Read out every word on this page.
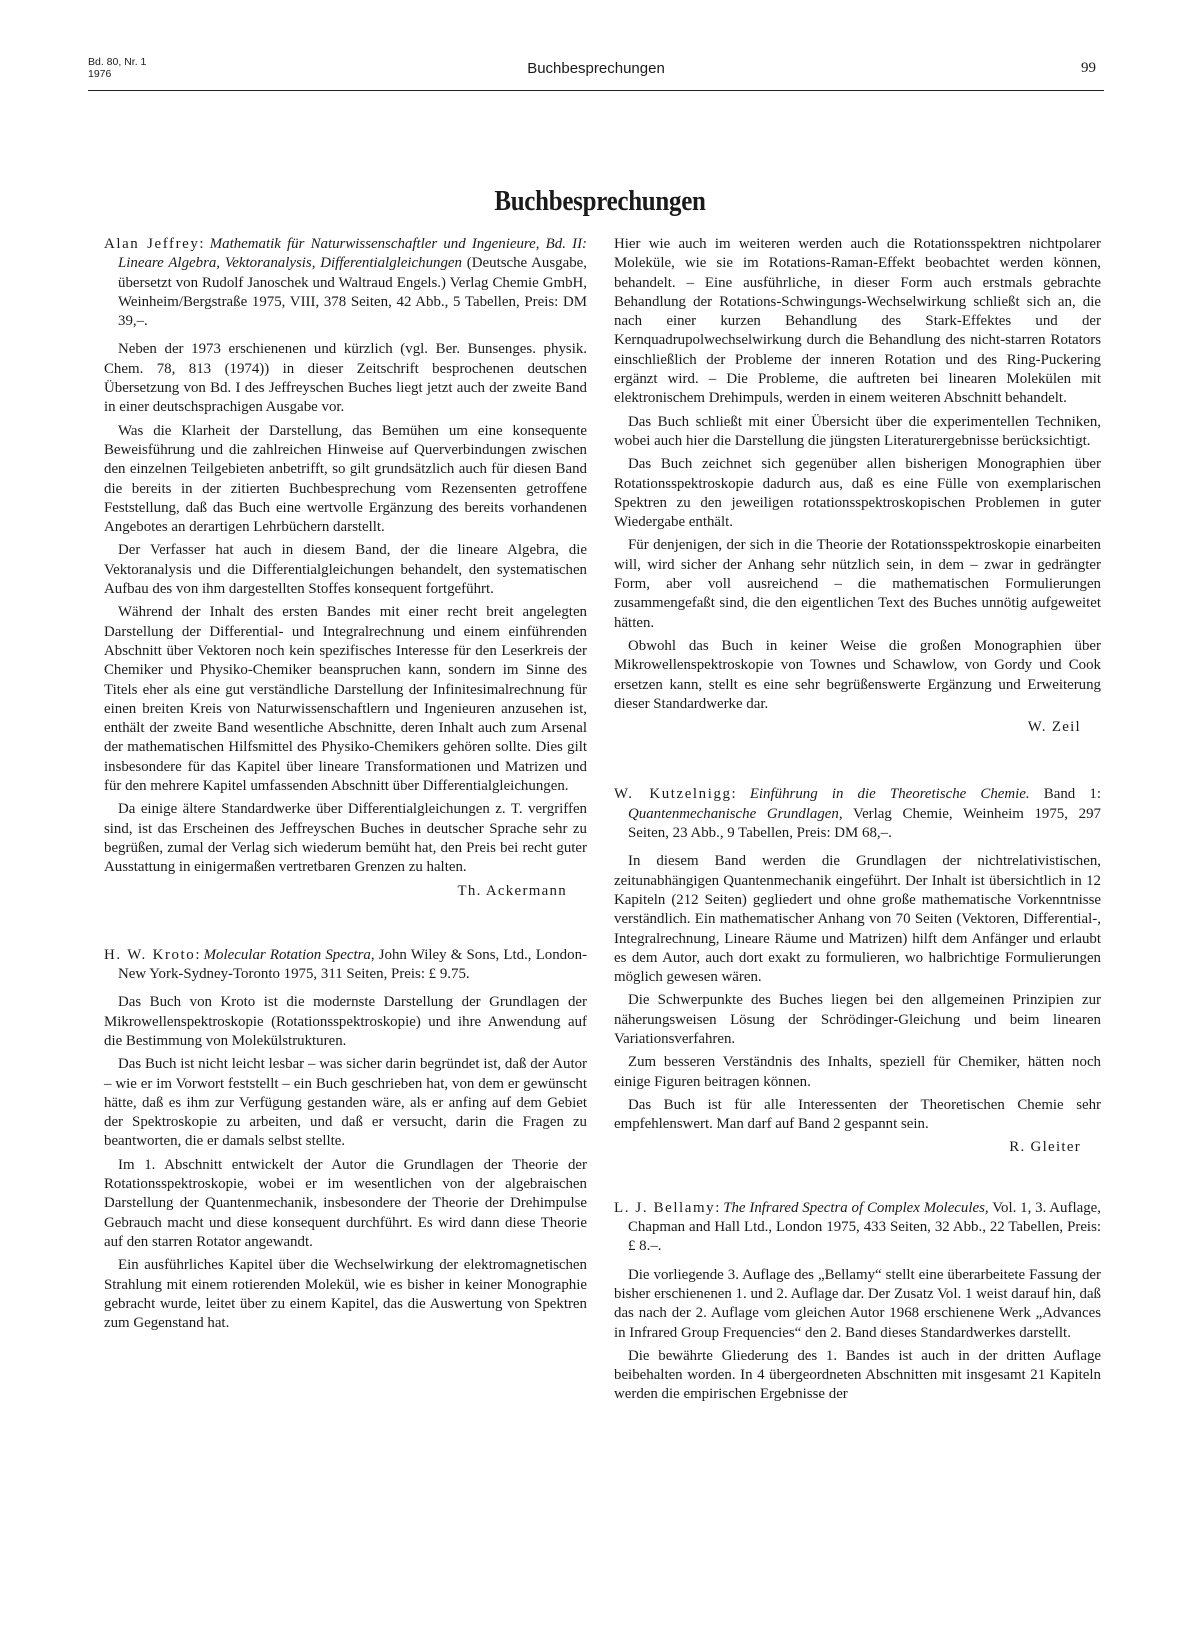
Bd. 80, Nr. 1
1976	Buchbesprechungen	99
Buchbesprechungen

Alan Jeffrey: Mathematik für Naturwissenschaftler und Ingenieure, Bd. II: Lineare Algebra, Vektoranalysis, Differentialgleichungen (Deutsche Ausgabe, übersetzt von Rudolf Janoschek und Waltraud Engels.) Verlag Chemie GmbH, Weinheim/Bergstraße 1975, VIII, 378 Seiten, 42 Abb., 5 Tabellen, Preis: DM 39,–.

Neben der 1973 erschienenen und kürzlich (vgl. Ber. Bunsenges. physik. Chem. 78, 813 (1974)) in dieser Zeitschrift besprochenen deutschen Übersetzung von Bd. I des Jeffreyschen Buches liegt jetzt auch der zweite Band in einer deutschsprachigen Ausgabe vor.

Was die Klarheit der Darstellung, das Bemühen um eine konsequente Beweisführung und die zahlreichen Hinweise auf Querverbindungen zwischen den einzelnen Teilgebieten anbetrifft, so gilt grundsätzlich auch für diesen Band die bereits in der zitierten Buchbesprechung vom Rezensenten getroffene Feststellung, daß das Buch eine wertvolle Ergänzung des bereits vorhandenen Angebotes an derartigen Lehrbüchern darstellt.

Der Verfasser hat auch in diesem Band, der die lineare Algebra, die Vektoranalysis und die Differentialgleichungen behandelt, den systematischen Aufbau des von ihm dargestellten Stoffes konsequent fortgeführt.

Während der Inhalt des ersten Bandes mit einer recht breit angelegten Darstellung der Differential- und Integralrechnung und einem einführenden Abschnitt über Vektoren noch kein spezifisches Interesse für den Leserkreis der Chemiker und Physiko-Chemiker beanspruchen kann, sondern im Sinne des Titels eher als eine gut verständliche Darstellung der Infinitesimalrechnung für einen breiten Kreis von Naturwissenschaftlern und Ingenieuren anzusehen ist, enthält der zweite Band wesentliche Abschnitte, deren Inhalt auch zum Arsenal der mathematischen Hilfsmittel des Physiko-Chemikers gehören sollte. Dies gilt insbesondere für das Kapitel über lineare Transformationen und Matrizen und für den mehrere Kapitel umfassenden Abschnitt über Differentialgleichungen.

Da einige ältere Standardwerke über Differentialgleichungen z. T. vergriffen sind, ist das Erscheinen des Jeffreyschen Buches in deutscher Sprache sehr zu begrüßen, zumal der Verlag sich wiederum bemüht hat, den Preis bei recht guter Ausstattung in einigermaßen vertretbaren Grenzen zu halten.

Th. Ackermann

H. W. Kroto: Molecular Rotation Spectra, John Wiley & Sons, Ltd., London-New York-Sydney-Toronto 1975, 311 Seiten, Preis: £ 9.75.

Das Buch von Kroto ist die modernste Darstellung der Grundlagen der Mikrowellenspektroskopie (Rotationsspektroskopie) und ihre Anwendung auf die Bestimmung von Molekülstrukturen.

Das Buch ist nicht leicht lesbar – was sicher darin begründet ist, daß der Autor – wie er im Vorwort feststellt – ein Buch geschrieben hat, von dem er gewünscht hätte, daß es ihm zur Verfügung gestanden wäre, als er anfing auf dem Gebiet der Spektroskopie zu arbeiten, und daß er versucht, darin die Fragen zu beantworten, die er damals selbst stellte.

Im 1. Abschnitt entwickelt der Autor die Grundlagen der Theorie der Rotationsspektroskopie, wobei er im wesentlichen von der algebraischen Darstellung der Quantenmechanik, insbesondere der Theorie der Drehimpulse Gebrauch macht und diese konsequent durchführt. Es wird dann diese Theorie auf den starren Rotator angewandt.

Ein ausführliches Kapitel über die Wechselwirkung der elektromagnetischen Strahlung mit einem rotierenden Molekül, wie es bisher in keiner Monographie gebracht wurde, leitet über zu einem Kapitel, das die Auswertung von Spektren zum Gegenstand hat.

Hier wie auch im weiteren werden auch die Rotationsspektren nichtpolarer Moleküle, wie sie im Rotations-Raman-Effekt beobachtet werden können, behandelt. – Eine ausführliche, in dieser Form auch erstmals gebrachte Behandlung der Rotations-Schwingungs-Wechselwirkung schließt sich an, die nach einer kurzen Behandlung des Stark-Effektes und der Kernquadrupolwechselwirkung durch die Behandlung des nicht-starren Rotators einschließlich der Probleme der inneren Rotation und des Ring-Puckering ergänzt wird. – Die Probleme, die auftreten bei linearen Molekülen mit elektronischem Drehimpuls, werden in einem weiteren Abschnitt behandelt.

Das Buch schließt mit einer Übersicht über die experimentellen Techniken, wobei auch hier die Darstellung die jüngsten Literaturergebnisse berücksichtigt.

Das Buch zeichnet sich gegenüber allen bisherigen Monographien über Rotationsspektroskopie dadurch aus, daß es eine Fülle von exemplarischen Spektren zu den jeweiligen rotationsspektroskopischen Problemen in guter Wiedergabe enthält.

Für denjenigen, der sich in die Theorie der Rotationsspektroskopie einarbeiten will, wird sicher der Anhang sehr nützlich sein, in dem – zwar in gedrängter Form, aber voll ausreichend – die mathematischen Formulierungen zusammengefaßt sind, die den eigentlichen Text des Buches unnötig aufgeweitet hätten.

Obwohl das Buch in keiner Weise die großen Monographien über Mikrowellenspektroskopie von Townes und Schawlow, von Gordy und Cook ersetzen kann, stellt es eine sehr begrüßenswerte Ergänzung und Erweiterung dieser Standardwerke dar.

W. Zeil

W. Kutzelnigg: Einführung in die Theoretische Chemie. Band 1: Quantenmechanische Grundlagen, Verlag Chemie, Weinheim 1975, 297 Seiten, 23 Abb., 9 Tabellen, Preis: DM 68,–.

In diesem Band werden die Grundlagen der nichtrelativistischen, zeitunabhängigen Quantenmechanik eingeführt. Der Inhalt ist übersichtlich in 12 Kapiteln (212 Seiten) gegliedert und ohne große mathematische Vorkenntnisse verständlich. Ein mathematischer Anhang von 70 Seiten (Vektoren, Differential-, Integralrechnung, Lineare Räume und Matrizen) hilft dem Anfänger und erlaubt es dem Autor, auch dort exakt zu formulieren, wo halbrichtige Formulierungen möglich gewesen wären.

Die Schwerpunkte des Buches liegen bei den allgemeinen Prinzipien zur näherungsweisen Lösung der Schrödinger-Gleichung und beim linearen Variationsverfahren.

Zum besseren Verständnis des Inhalts, speziell für Chemiker, hätten noch einige Figuren beitragen können.

Das Buch ist für alle Interessenten der Theoretischen Chemie sehr empfehlenswert. Man darf auf Band 2 gespannt sein.

R. Gleiter

L. J. Bellamy: The Infrared Spectra of Complex Molecules, Vol. 1, 3. Auflage, Chapman and Hall Ltd., London 1975, 433 Seiten, 32 Abb., 22 Tabellen, Preis: £ 8.–.

Die vorliegende 3. Auflage des „Bellamy“ stellt eine überarbeitete Fassung der bisher erschienenen 1. und 2. Auflage dar. Der Zusatz Vol. 1 weist darauf hin, daß das nach der 2. Auflage vom gleichen Autor 1968 erschienene Werk „Advances in Infrared Group Frequencies“ den 2. Band dieses Standardwerkes darstellt.

Die bewährte Gliederung des 1. Bandes ist auch in der dritten Auflage beibehalten worden. In 4 übergeordneten Abschnitten mit insgesamt 21 Kapiteln werden die empirischen Ergebnisse der
